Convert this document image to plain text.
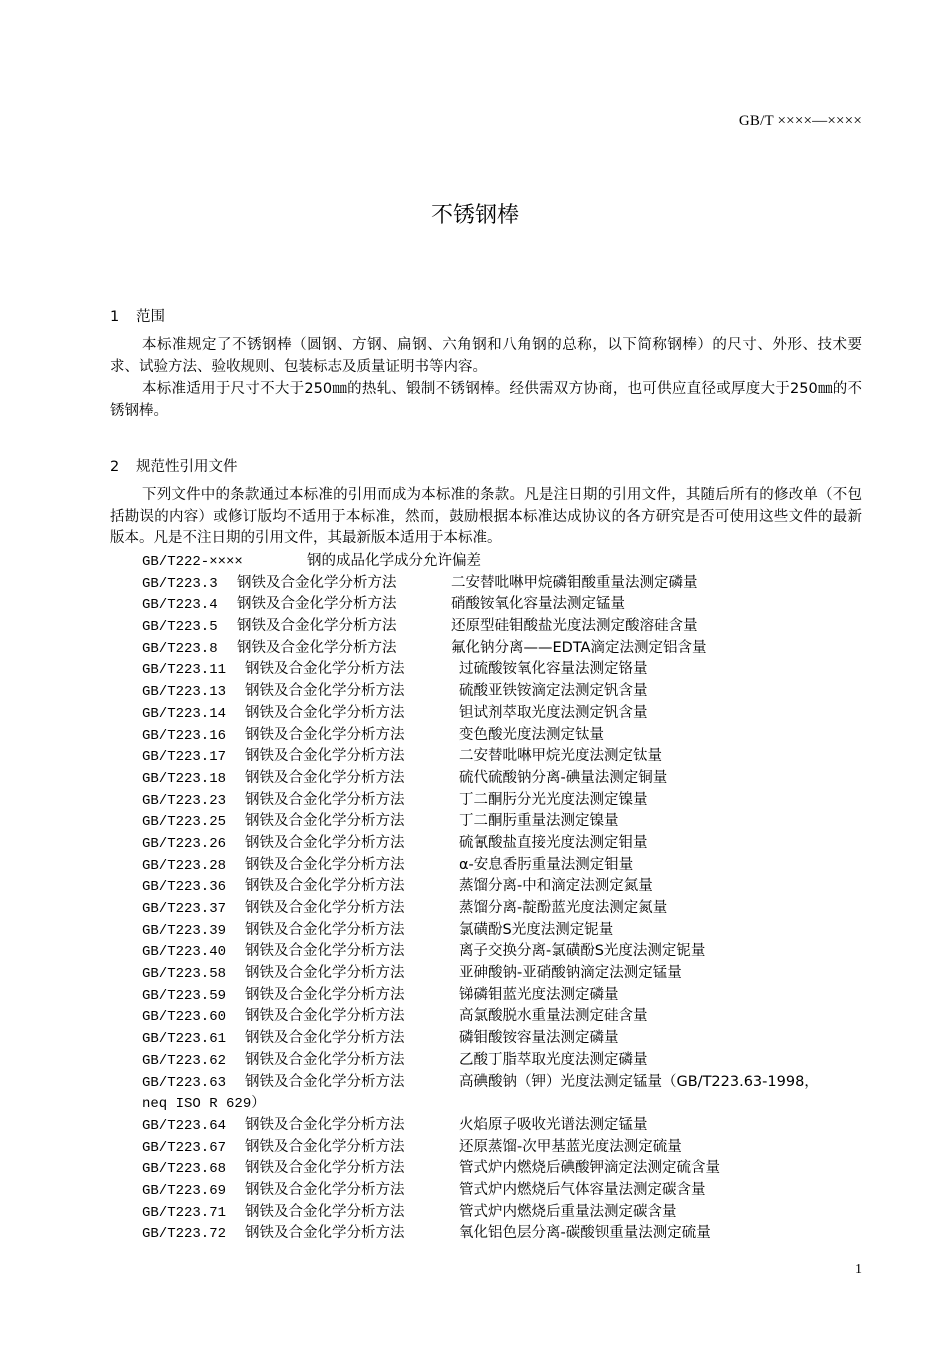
GB/T ××××—××××
不锈钢棒
1 范围
本标准规定了不锈钢棒（圆钢、方钢、扁钢、六角钢和八角钢的总称，以下简称钢棒）的尺寸、外形、技术要求、试验方法、验收规则、包装标志及质量证明书等内容。
本标准适用于尺寸不大于250㎜的热轧、锻制不锈钢棒。经供需双方协商，也可供应直径或厚度大于250㎜的不锈钢棒。
2 规范性引用文件
下列文件中的条款通过本标准的引用而成为本标准的条款。凡是注日期的引用文件，其随后所有的修改单（不包括勘误的内容）或修订版均不适用于本标准，然而，鼓励根据本标准达成协议的各方研究是否可使用这些文件的最新版本。凡是不注日期的引用文件，其最新版本适用于本标准。
GB/T222-××××	钢的成品化学成分允许偏差
GB/T223.3 钢铁及合金化学分析方法	二安替吡啉甲烷磷钼酸重量法测定磷量
GB/T223.4 钢铁及合金化学分析方法	硝酸铵氧化容量法测定锰量
GB/T223.5 钢铁及合金化学分析方法	还原型硅钼酸盐光度法测定酸溶硅含量
GB/T223.8 钢铁及合金化学分析方法	氟化钠分离——EDTA滴定法测定铝含量
GB/T223.11 钢铁及合金化学分析方法	过硫酸铵氧化容量法测定铬量
GB/T223.13 钢铁及合金化学分析方法	硫酸亚铁铵滴定法测定钒含量
GB/T223.14 钢铁及合金化学分析方法	钽试剂萃取光度法测定钒含量
GB/T223.16 钢铁及合金化学分析方法	变色酸光度法测定钛量
GB/T223.17 钢铁及合金化学分析方法	二安替吡啉甲烷光度法测定钛量
GB/T223.18 钢铁及合金化学分析方法	硫代硫酸钠分离-碘量法测定铜量
GB/T223.23 钢铁及合金化学分析方法	丁二酮肟分光光度法测定镍量
GB/T223.25 钢铁及合金化学分析方法	丁二酮肟重量法测定镍量
GB/T223.26 钢铁及合金化学分析方法	硫氰酸盐直接光度法测定钼量
GB/T223.28 钢铁及合金化学分析方法	α-安息香肟重量法测定钼量
GB/T223.36 钢铁及合金化学分析方法	蒸馏分离-中和滴定法测定氮量
GB/T223.37 钢铁及合金化学分析方法	蒸馏分离-靛酚蓝光度法测定氮量
GB/T223.39 钢铁及合金化学分析方法	氯磺酚S光度法测定铌量
GB/T223.40 钢铁及合金化学分析方法	离子交换分离-氯磺酚S光度法测定铌量
GB/T223.58 钢铁及合金化学分析方法	亚砷酸钠-亚硝酸钠滴定法测定锰量
GB/T223.59 钢铁及合金化学分析方法	锑磷钼蓝光度法测定磷量
GB/T223.60 钢铁及合金化学分析方法	高氯酸脱水重量法测定硅含量
GB/T223.61 钢铁及合金化学分析方法	磷钼酸铵容量法测定磷量
GB/T223.62 钢铁及合金化学分析方法	乙酸丁脂萃取光度法测定磷量
GB/T223.63 钢铁及合金化学分析方法	高碘酸钠（钾）光度法测定锰量（GB/T223.63-1998，
neq ISO R 629）
GB/T223.64 钢铁及合金化学分析方法	火焰原子吸收光谱法测定锰量
GB/T223.67 钢铁及合金化学分析方法	还原蒸馏-次甲基蓝光度法测定硫量
GB/T223.68 钢铁及合金化学分析方法	管式炉内燃烧后碘酸钾滴定法测定硫含量
GB/T223.69 钢铁及合金化学分析方法	管式炉内燃烧后气体容量法测定碳含量
GB/T223.71 钢铁及合金化学分析方法	管式炉内燃烧后重量法测定碳含量
GB/T223.72 钢铁及合金化学分析方法	氧化铝色层分离-碳酸钡重量法测定硫量
1
